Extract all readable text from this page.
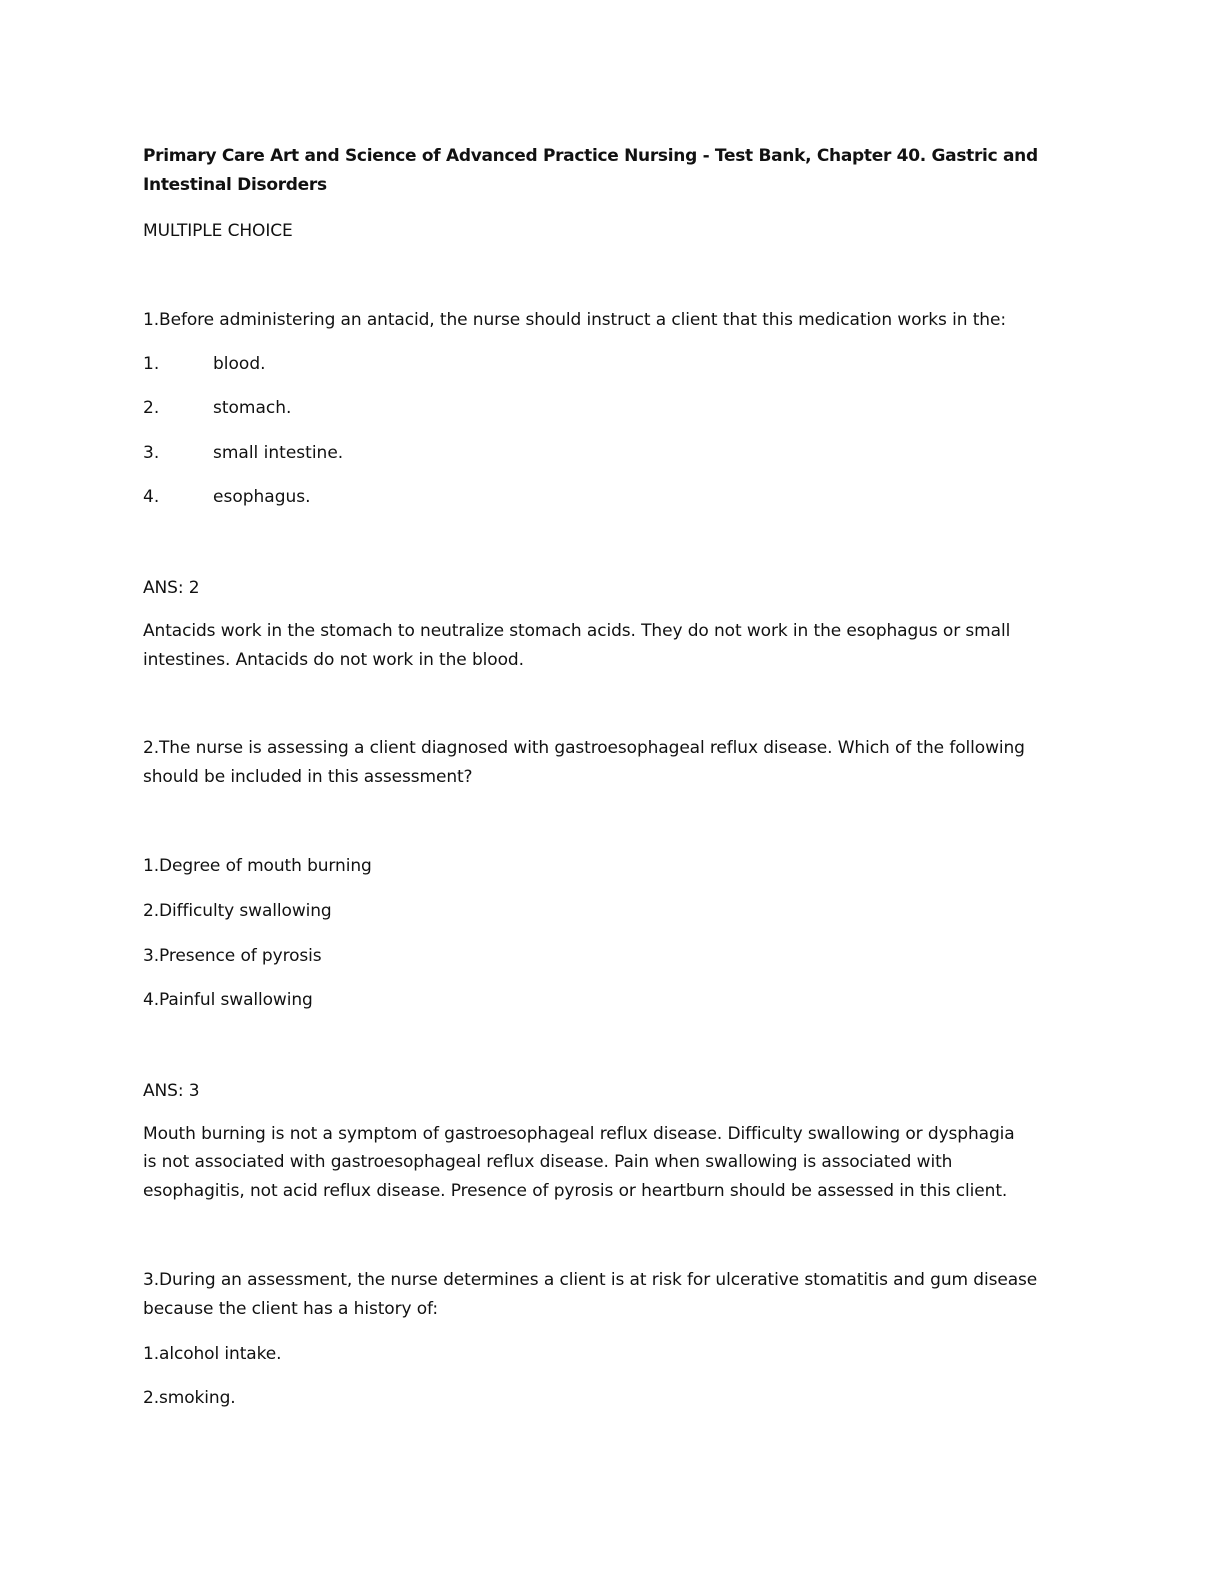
Primary Care Art and Science of Advanced Practice Nursing - Test Bank, Chapter 40. Gastric and
Intestinal Disorders
MULTIPLE CHOICE
1.Before administering an antacid, the nurse should instruct a client that this medication works in the:
1.	blood.
2.	stomach.
3.	small intestine.
4.	esophagus.
ANS: 2
Antacids work in the stomach to neutralize stomach acids. They do not work in the esophagus or small
intestines. Antacids do not work in the blood.
2.The nurse is assessing a client diagnosed with gastroesophageal reflux disease. Which of the following
should be included in this assessment?
1.Degree of mouth burning
2.Difficulty swallowing
3.Presence of pyrosis
4.Painful swallowing
ANS: 3
Mouth burning is not a symptom of gastroesophageal reflux disease. Difficulty swallowing or dysphagia
is not associated with gastroesophageal reflux disease. Pain when swallowing is associated with
esophagitis, not acid reflux disease. Presence of pyrosis or heartburn should be assessed in this client.
3.During an assessment, the nurse determines a client is at risk for ulcerative stomatitis and gum disease
because the client has a history of:
1.alcohol intake.
2.smoking.
